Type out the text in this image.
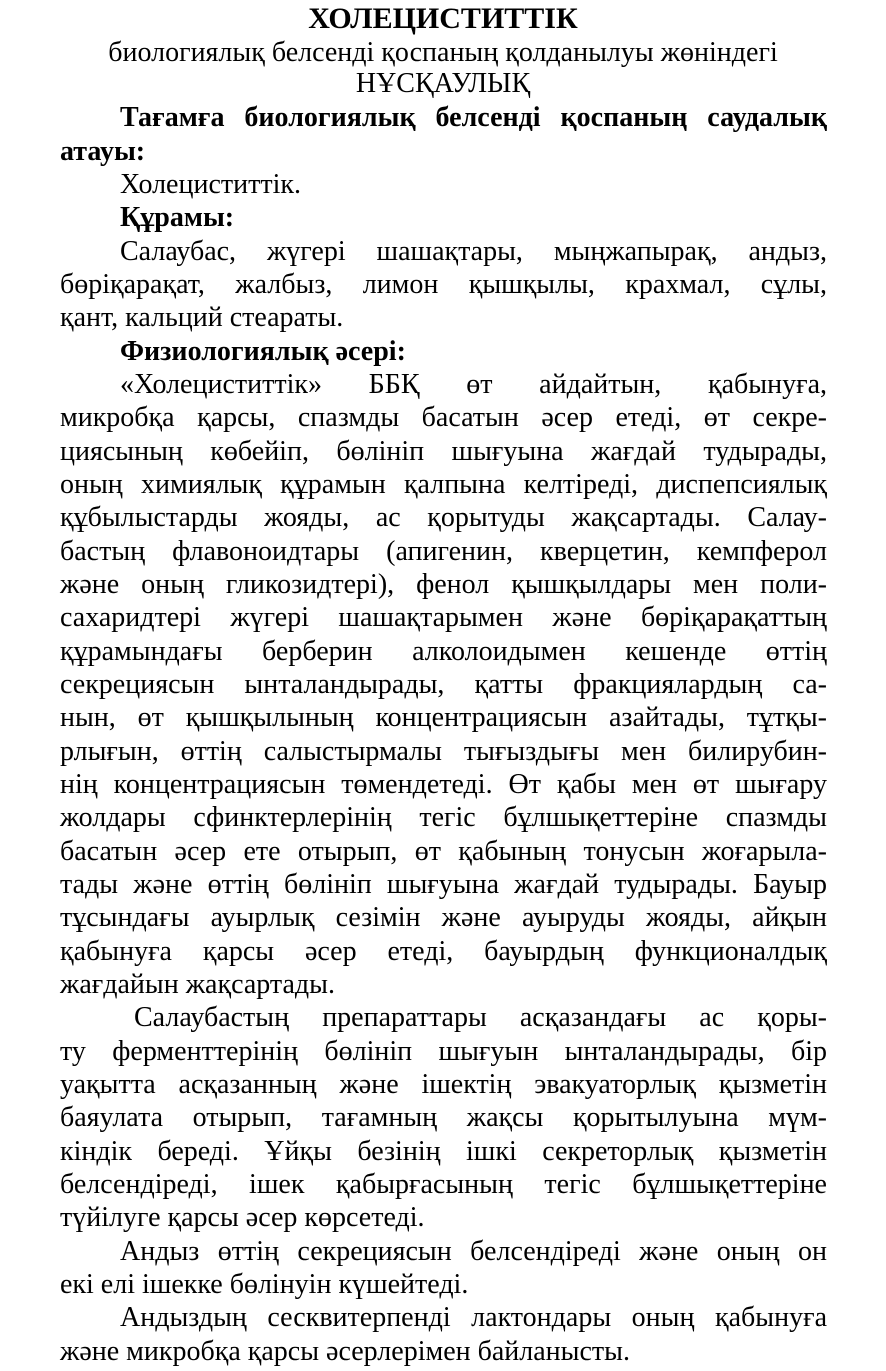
ХОЛЕЦИСТИТТІК
биологиялық белсенді қоспаның қолданылуы жөніндегі
НҰСҚАУЛЫҚ
Тағамға биологиялық белсенді қоспаның саудалық
атауы:
Холециститтік.
Құрамы:
Салаубас, жүгері шашақтары, мыңжапырақ, андыз,
бөріқарақат, жалбыз, лимон қышқылы, крахмал, сұлы,
қант, кальций стеараты.
Физиологиялық әсері:
«Холециститтік» ББҚ өт айдайтын, қабынуға,
микробқа қарсы, спазмды басатын әсер етеді, өт секре-
циясының көбейіп, бөлініп шығуына жағдай тудырады,
оның химиялық құрамын қалпына келтіреді, диспепсиялық
құбылыстарды жояды, ас қорытуды жақсартады. Салау-
бастың флавоноидтары (апигенин, кверцетин, кемпферол
және оның гликозидтері), фенол қышқылдары мен поли-
сахаридтері жүгері шашақтарымен және бөріқарақаттың
құрамындағы берберин алколоидымен кешенде өттің
секрециясын ынталандырады, қатты фракциялардың са-
нын, өт қышқылының концентрациясын азайтады, тұтқы-
рлығын, өттің салыстырмалы тығыздығы мен билирубин-
нің концентрациясын төмендетеді. Өт қабы мен өт шығару
жолдары сфинктерлерінің тегіс бұлшықеттеріне спазмды
басатын әсер ете отырып, өт қабының тонусын жоғарыла-
тады және өттің бөлініп шығуына жағдай тудырады. Бауыр
тұсындағы ауырлық сезімін және ауыруды жояды, айқын
қабынуға қарсы әсер етеді, бауырдың функционалдық
жағдайын жақсартады.
Салаубастың препараттары асқазандағы ас қоры-
ту ферменттерінің бөлініп шығуын ынталандырады, бір
уақытта асқазанның және ішектің эвакуаторлық қызметін
баяулата отырып, тағамның жақсы қорытылуына мүм-
кіндік береді. Ұйқы безінің ішкі секреторлық қызметін
белсендіреді, ішек қабырғасының тегіс бұлшықеттеріне
түйілуге қарсы әсер көрсетеді.
Андыз өттің секрециясын белсендіреді және оның он
екі елі ішекке бөлінуін күшейтеді.
Андыздың сесквитерпенді лактондары оның қабынуға
және микробқа қарсы әсерлерімен байланысты.
